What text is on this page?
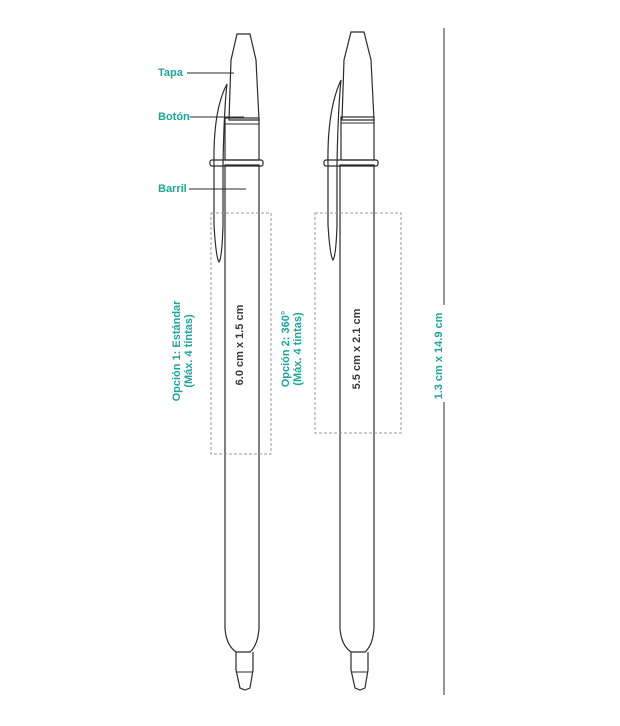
6.0 cm x 1.5 cm	5.5 cm x 2.1 cm
Tapa
Botón
Barril
Opción 1: Estándar (Máx. 4 tintas)	Opción 2: 360° (Máx. 4 tintas)	1.3 cm x 14.9 cm
